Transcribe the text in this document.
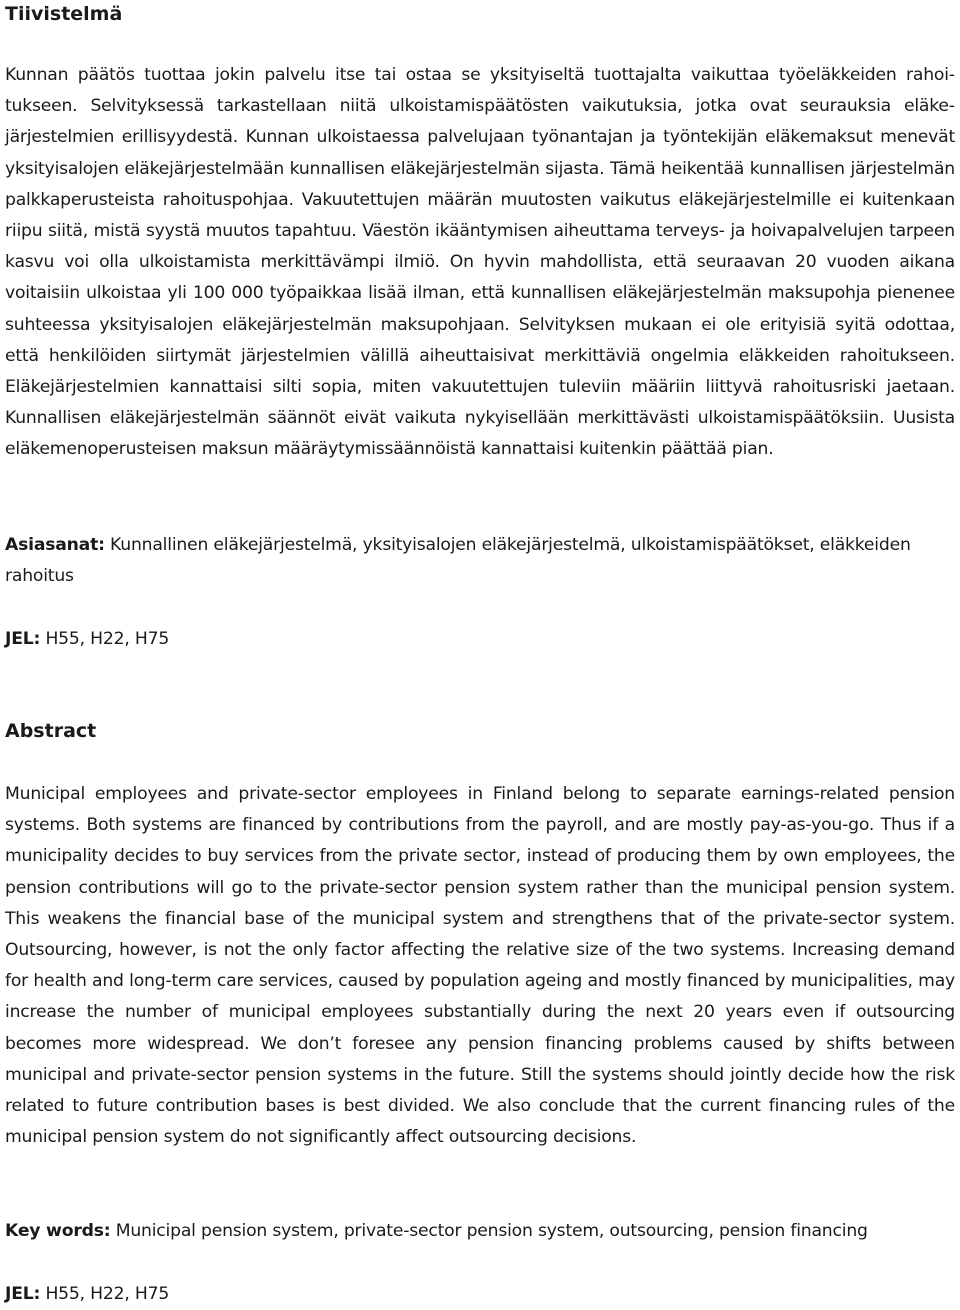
Tiivistelmä

Kunnan päätös tuottaa jokin palvelu itse tai ostaa se yksityiseltä tuottajalta vaikuttaa työeläkkeiden rahoitukseen. Selvityksessä tarkastellaan niitä ulkoistamispäätösten vaikutuksia, jotka ovat seurauksia eläkejärjestelmien erillisyydestä. Kunnan ulkoistaessa palvelujaan työnantajan ja työntekijän eläkemaksut menevät yksityisalojen eläkejärjestelmään kunnallisen eläkejärjestelmän sijasta. Tämä heikentää kunnallisen järjestelmän palkkaperusteista rahoituspohjaa. Vakuutettujen määrän muutosten vaikutus eläkejärjestelmille ei kuitenkaan riipu siitä, mistä syystä muutos tapahtuu. Väestön ikääntymisen aiheuttama terveys- ja hoivapalvelujen tarpeen kasvu voi olla ulkoistamista merkittävämpi ilmiö. On hyvin mahdollista, että seuraavan 20 vuoden aikana voitaisiin ulkoistaa yli 100 000 työpaikkaa lisää ilman, että kunnallisen eläkejärjestelmän maksupohja pienenee suhteessa yksityisalojen eläkejärjestelmän maksupohjaan. Selvityksen mukaan ei ole erityisiä syitä odottaa, että henkilöiden siirtymät järjestelmien välillä aiheuttaisivat merkittäviä ongelmia eläkkeiden rahoitukseen. Eläkejärjestelmien kannattaisi silti sopia, miten vakuutettujen tuleviin määriin liittyvä rahoitusriski jaetaan. Kunnallisen eläkejärjestelmän säännöt eivät vaikuta nykyisellään merkittävästi ulkoistamispäätöksiin. Uusista eläkemenoperusteisen maksun määräytymissäännöistä kannattaisi kuitenkin päättää pian.

Asiasanat: Kunnallinen eläkejärjestelmä, yksityisalojen eläkejärjestelmä, ulkoistamispäätökset, eläkkeiden rahoitus

JEL: H55, H22, H75

Abstract

Municipal employees and private-sector employees in Finland belong to separate earnings-related pension systems. Both systems are financed by contributions from the payroll, and are mostly pay-as-you-go. Thus if a municipality decides to buy services from the private sector, instead of producing them by own employees, the pension contributions will go to the private-sector pension system rather than the municipal pension system. This weakens the financial base of the municipal system and strengthens that of the private-sector system. Outsourcing, however, is not the only factor affecting the relative size of the two systems. Increasing demand for health and long-term care services, caused by population ageing and mostly financed by municipalities, may increase the number of municipal employees substantially during the next 20 years even if outsourcing becomes more widespread. We don’t foresee any pension financing problems caused by shifts between municipal and private-sector pension systems in the future. Still the systems should jointly decide how the risk related to future contribution bases is best divided. We also conclude that the current financing rules of the municipal pension system do not significantly affect outsourcing decisions.

Key words: Municipal pension system, private-sector pension system, outsourcing, pension financing

JEL: H55, H22, H75
